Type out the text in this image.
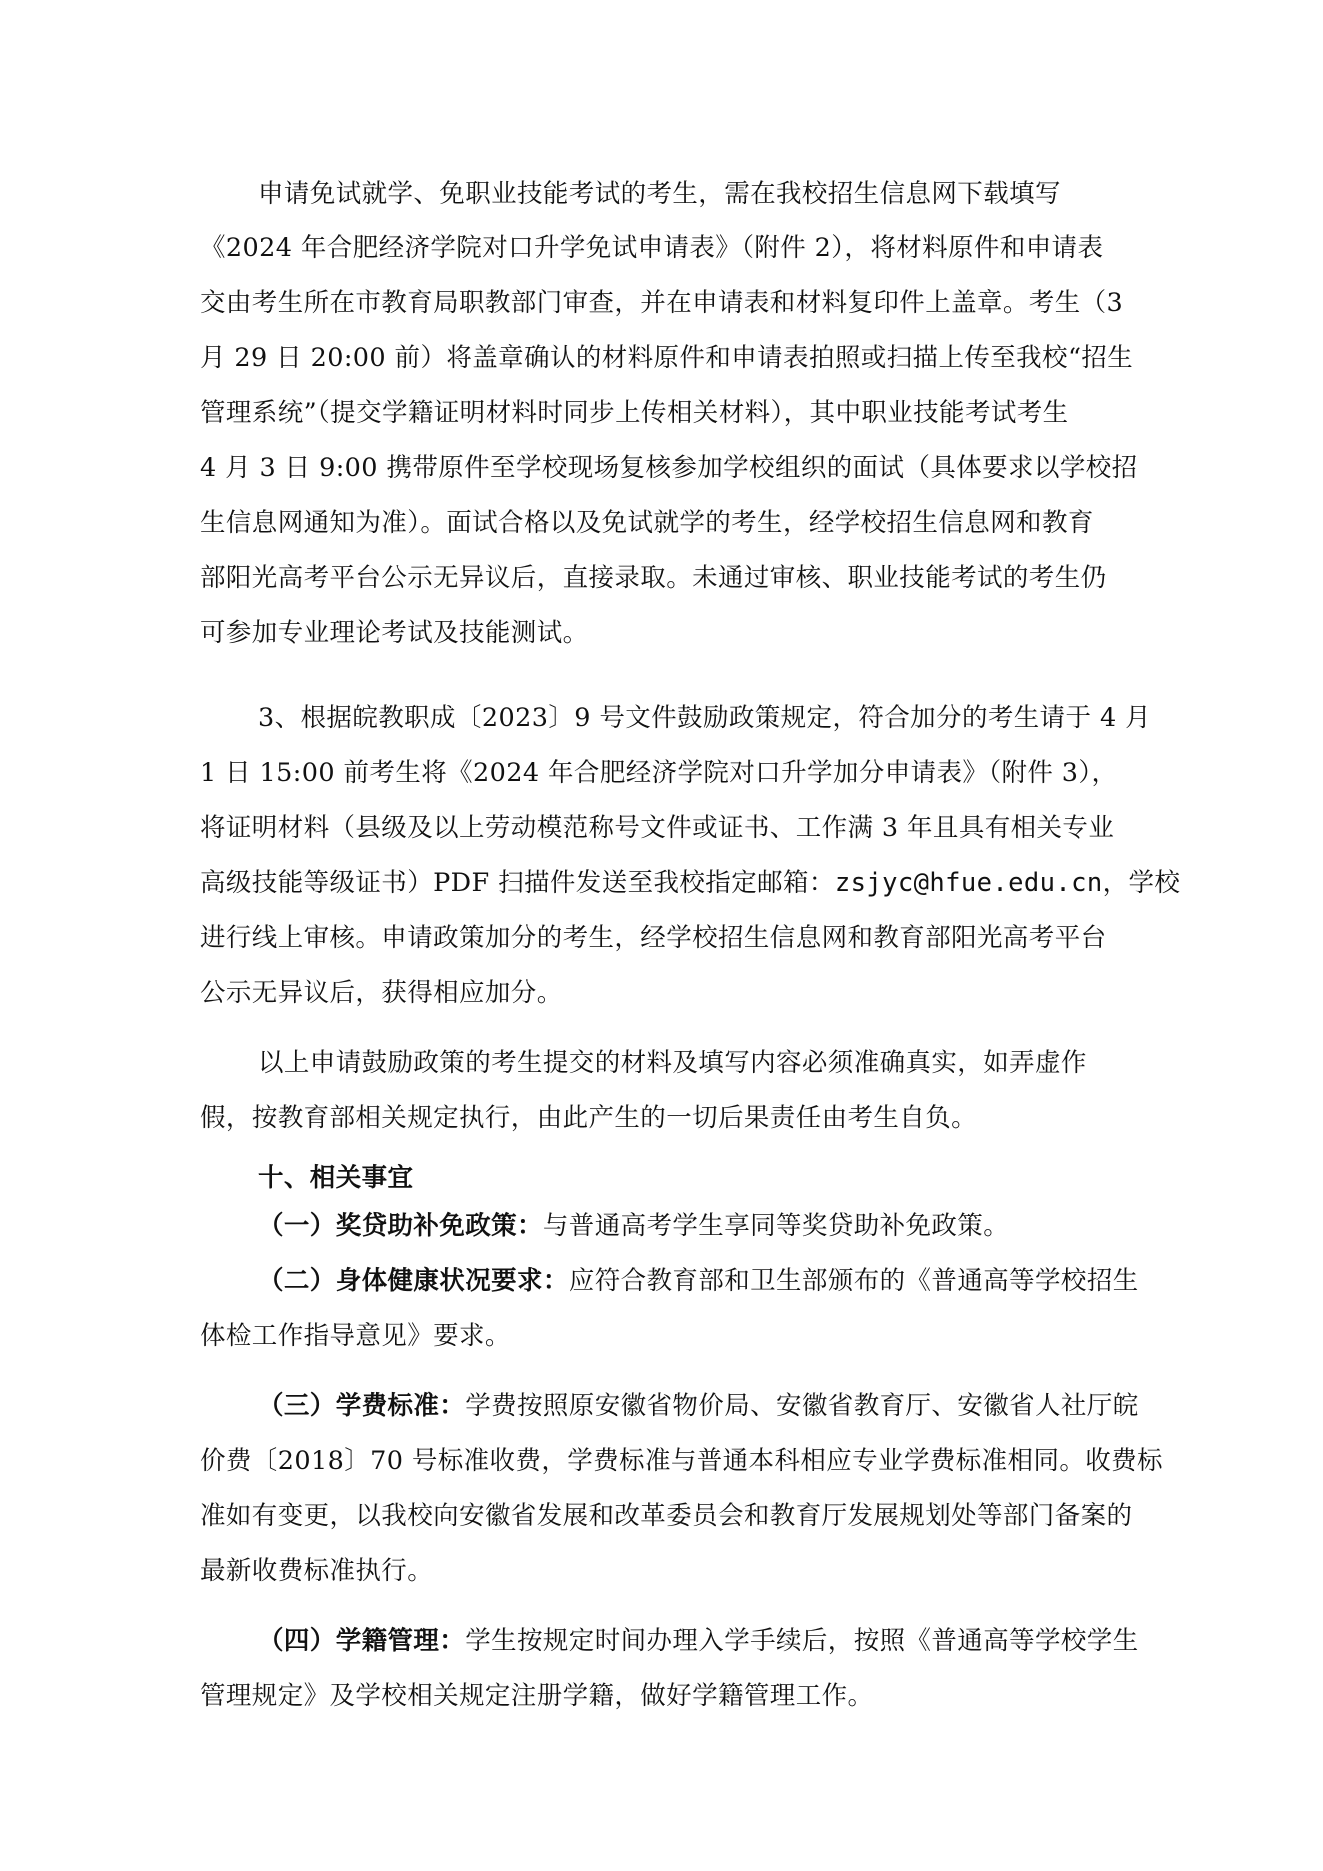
申请免试就学、免职业技能考试的考生，需在我校招生信息网下载填写
《2024 年合肥经济学院对口升学免试申请表》（附件 2），将材料原件和申请表
交由考生所在市教育局职教部门审查，并在申请表和材料复印件上盖章。考生（3
月 29 日 20:00 前）将盖章确认的材料原件和申请表拍照或扫描上传至我校“招生
管理系统”（提交学籍证明材料时同步上传相关材料），其中职业技能考试考生
4 月 3 日 9:00 携带原件至学校现场复核参加学校组织的面试（具体要求以学校招
生信息网通知为准）。面试合格以及免试就学的考生，经学校招生信息网和教育
部阳光高考平台公示无异议后，直接录取。未通过审核、职业技能考试的考生仍
可参加专业理论考试及技能测试。
3、根据皖教职成〔2023〕9 号文件鼓励政策规定，符合加分的考生请于 4 月
1 日 15:00 前考生将《2024 年合肥经济学院对口升学加分申请表》（附件 3），
将证明材料（县级及以上劳动模范称号文件或证书、工作满 3 年且具有相关专业
高级技能等级证书）PDF 扫描件发送至我校指定邮箱：zsjyc@hfue.edu.cn，学校
进行线上审核。申请政策加分的考生，经学校招生信息网和教育部阳光高考平台
公示无异议后，获得相应加分。
以上申请鼓励政策的考生提交的材料及填写内容必须准确真实，如弄虚作
假，按教育部相关规定执行，由此产生的一切后果责任由考生自负。
十、相关事宜
（一）奖贷助补免政策：与普通高考学生享同等奖贷助补免政策。
（二）身体健康状况要求：应符合教育部和卫生部颁布的《普通高等学校招生
体检工作指导意见》要求。
（三）学费标准：学费按照原安徽省物价局、安徽省教育厅、安徽省人社厅皖
价费〔2018〕70 号标准收费，学费标准与普通本科相应专业学费标准相同。收费标
准如有变更，以我校向安徽省发展和改革委员会和教育厅发展规划处等部门备案的
最新收费标准执行。
（四）学籍管理：学生按规定时间办理入学手续后，按照《普通高等学校学生
管理规定》及学校相关规定注册学籍，做好学籍管理工作。
